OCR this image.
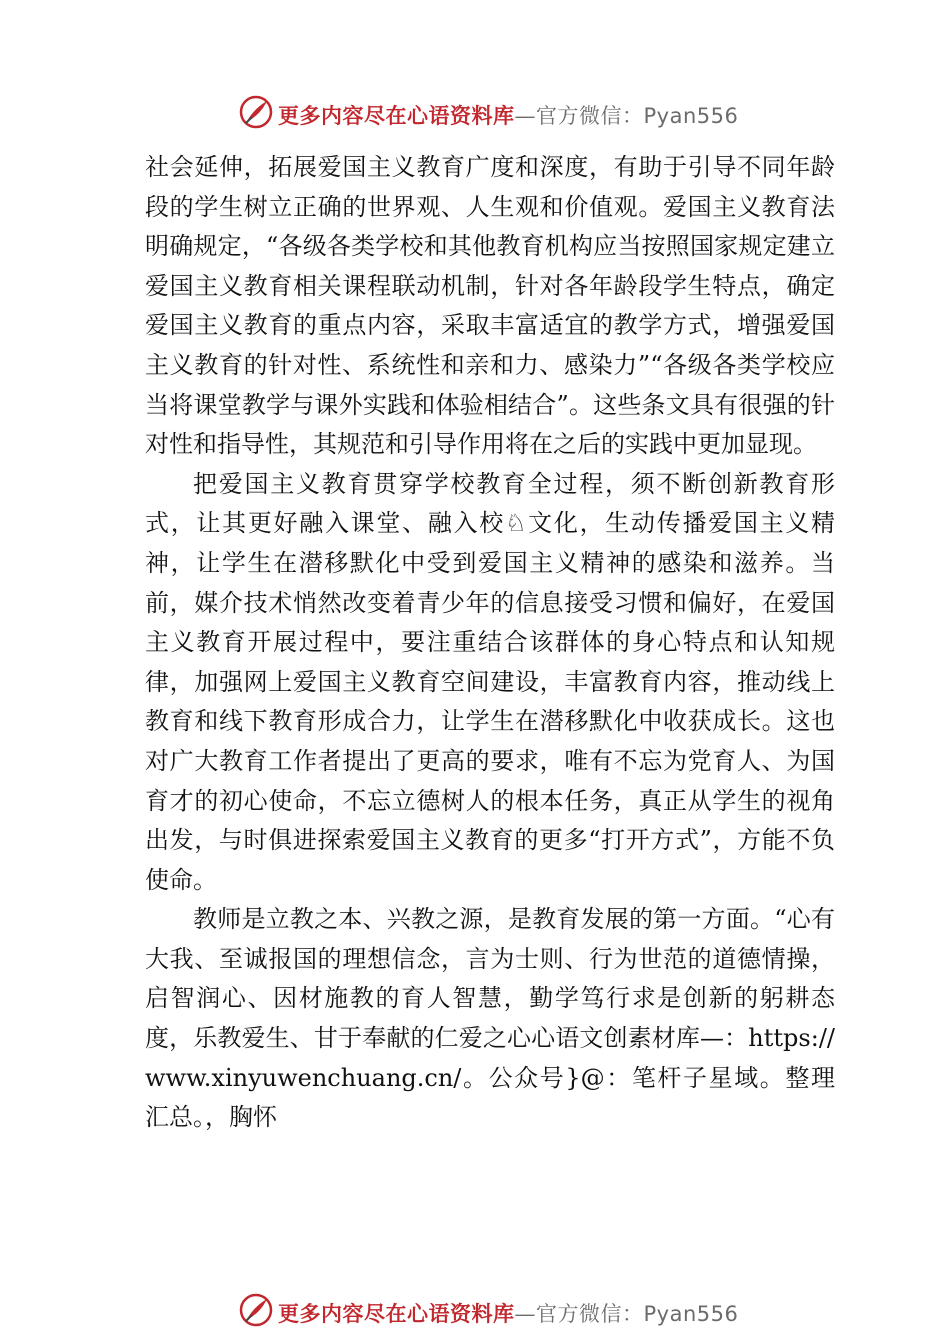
更多内容尽在心语资料库—官方微信：Pyan556

社会延伸，拓展爱国主义教育广度和深度，有助于引导不同年龄段的学生树立正确的世界观、人生观和价值观。爱国主义教育法明确规定，“各级各类学校和其他教育机构应当按照国家规定建立爱国主义教育相关课程联动机制，针对各年龄段学生特点，确定爱国主义教育的重点内容，采取丰富适宜的教学方式，增强爱国主义教育的针对性、系统性和亲和力、感染力”“各级各类学校应当将课堂教学与课外实践和体验相结合”。这些条文具有很强的针对性和指导性，其规范和引导作用将在之后的实践中更加显现。

把爱国主义教育贯穿学校教育全过程，须不断创新教育形式，让其更好融入课堂、融入校♘文化，生动传播爱国主义精神，让学生在潜移默化中受到爱国主义精神的感染和滋养。当前，媒介技术悄然改变着青少年的信息接受习惯和偏好，在爱国主义教育开展过程中，要注重结合该群体的身心特点和认知规律，加强网上爱国主义教育空间建设，丰富教育内容，推动线上教育和线下教育形成合力，让学生在潜移默化中收获成长。这也对广大教育工作者提出了更高的要求，唯有不忘为党育人、为国育才的初心使命，不忘立德树人的根本任务，真正从学生的视角出发，与时俱进探索爱国主义教育的更多“打开方式”，方能不负使命。

教师是立教之本、兴教之源，是教育发展的第一方面。“心有大我、至诚报国的理想信念，言为士则、行为世范的道德情操，启智润心、因材施教的育人智慧，勤学笃行求是创新的躬耕态度，乐教爱生、甘于奉献的仁爱之心心语文创素材库—：https://www.xinyuwenchuang.cn/。公众号}@：笔杆子星域。整理汇总。，胸怀

更多内容尽在心语资料库—官方微信：Pyan556
